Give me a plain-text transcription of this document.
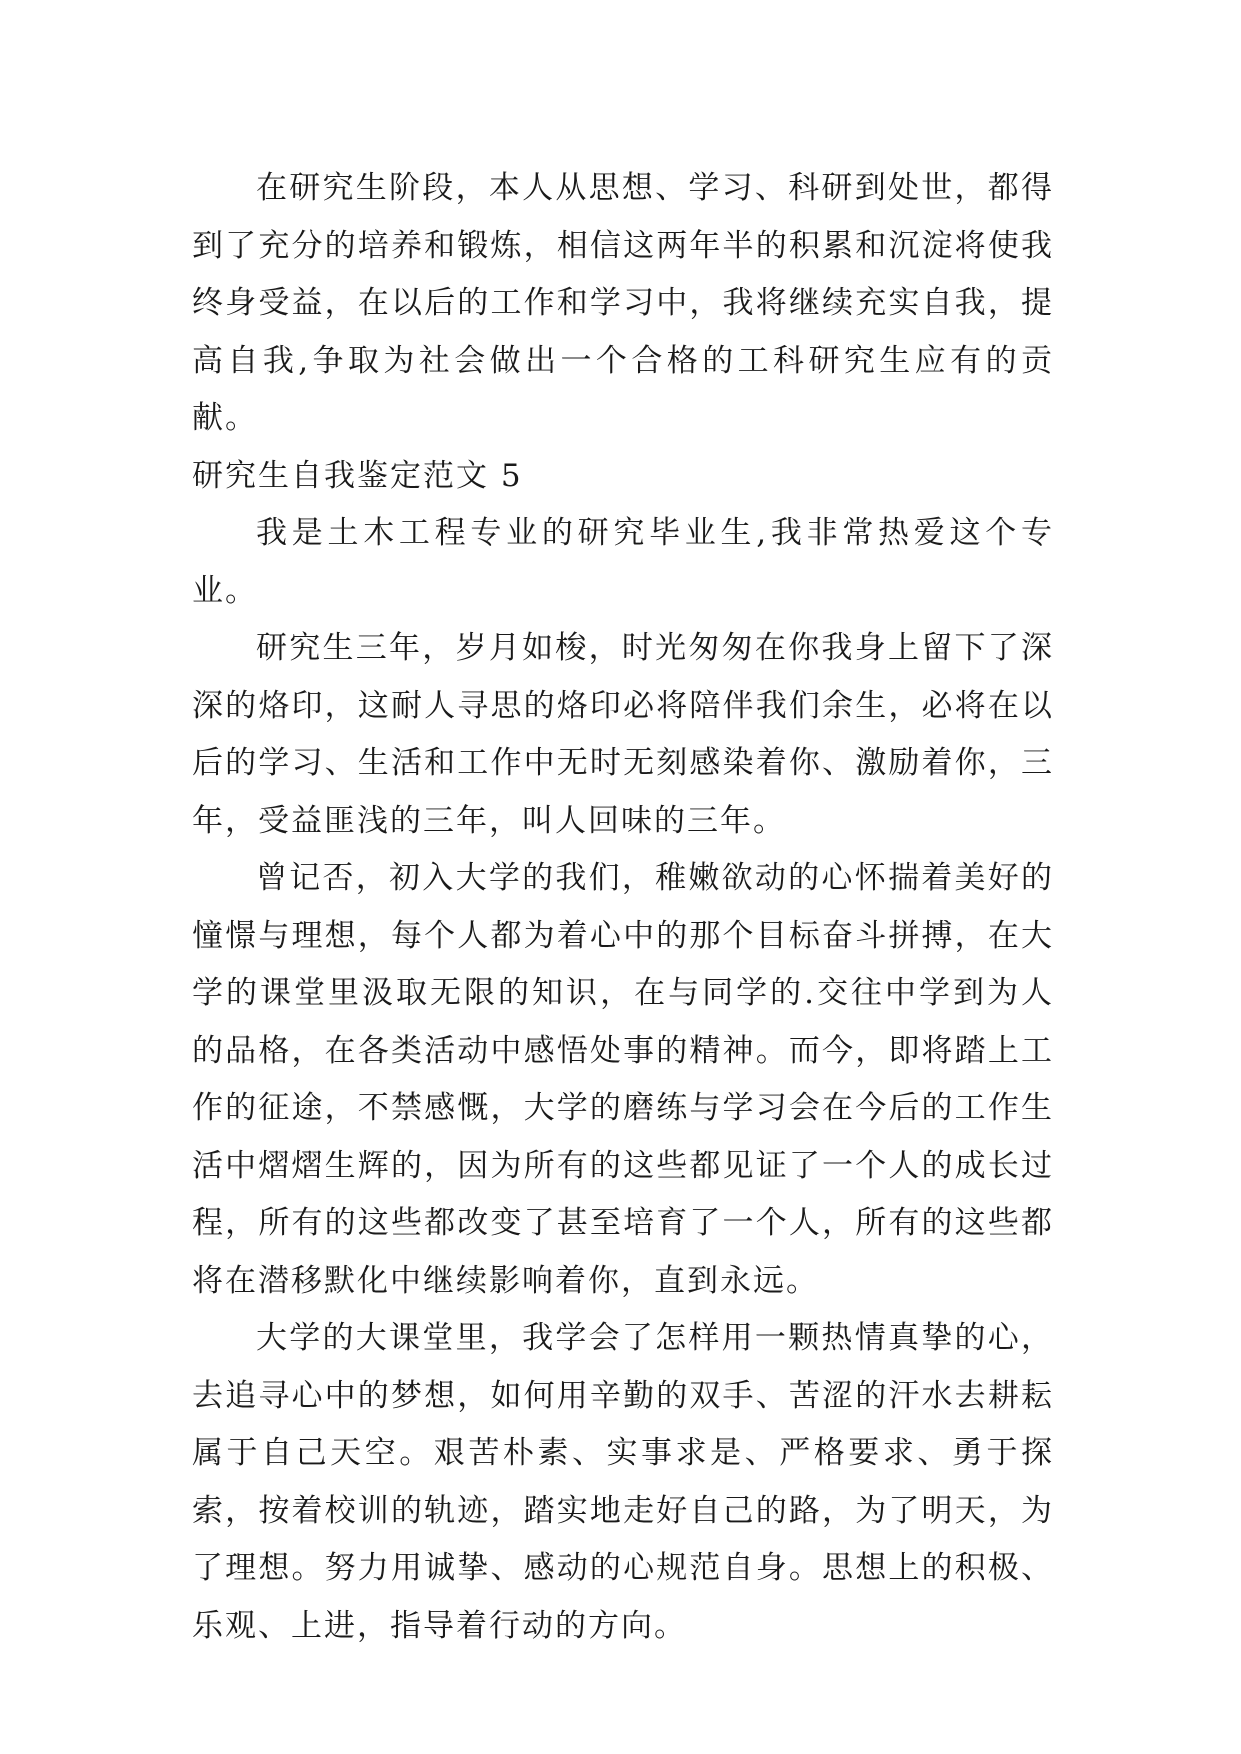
在研究生阶段，本人从思想、学习、科研到处世，都得到了充分的培养和锻炼，相信这两年半的积累和沉淀将使我终身受益，在以后的工作和学习中，我将继续充实自我，提高自我,争取为社会做出一个合格的工科研究生应有的贡献。

研究生自我鉴定范文 5

我是土木工程专业的研究毕业生,我非常热爱这个专业。

研究生三年，岁月如梭，时光匆匆在你我身上留下了深深的烙印，这耐人寻思的烙印必将陪伴我们余生，必将在以后的学习、生活和工作中无时无刻感染着你、激励着你，三年，受益匪浅的三年，叫人回味的三年。

曾记否，初入大学的我们，稚嫩欲动的心怀揣着美好的憧憬与理想，每个人都为着心中的那个目标奋斗拼搏，在大学的课堂里汲取无限的知识，在与同学的.交往中学到为人的品格，在各类活动中感悟处事的精神。而今，即将踏上工作的征途，不禁感慨，大学的磨练与学习会在今后的工作生活中熠熠生辉的，因为所有的这些都见证了一个人的成长过程，所有的这些都改变了甚至培育了一个人，所有的这些都将在潜移默化中继续影响着你，直到永远。

大学的大课堂里，我学会了怎样用一颗热情真挚的心，去追寻心中的梦想，如何用辛勤的双手、苦涩的汗水去耕耘属于自己天空。艰苦朴素、实事求是、严格要求、勇于探索，按着校训的轨迹，踏实地走好自己的路，为了明天，为了理想。努力用诚挚、感动的心规范自身。思想上的积极、乐观、上进，指导着行动的方向。
